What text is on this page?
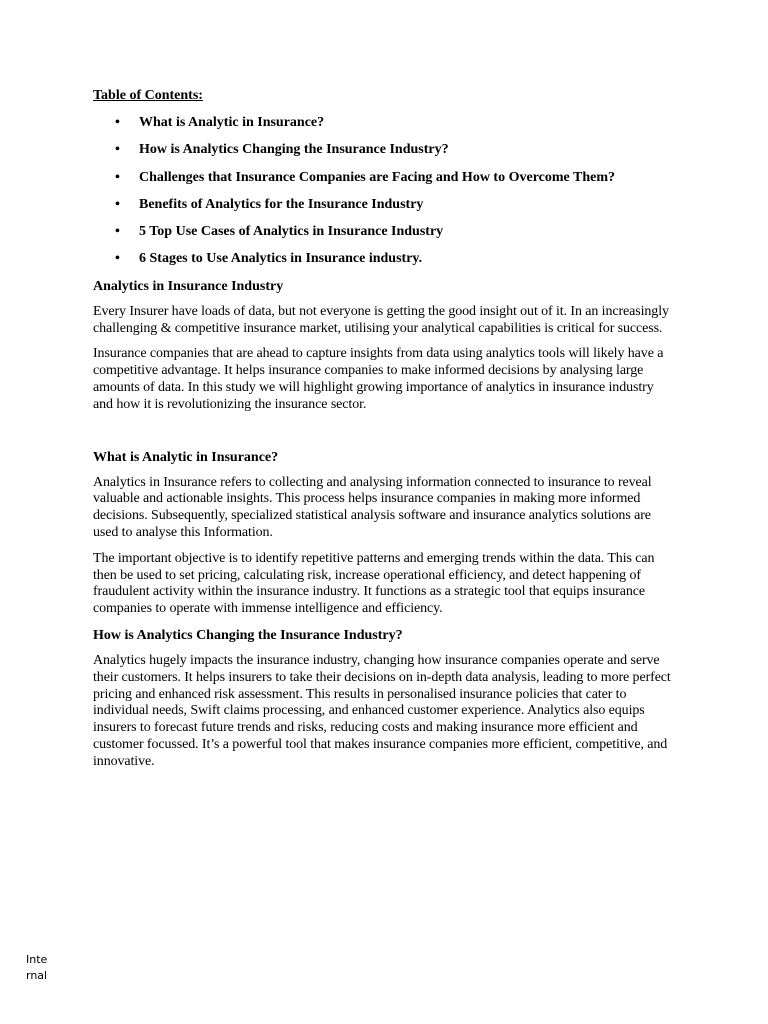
Table of Contents:
• What is Analytic in Insurance?
• How is Analytics Changing the Insurance Industry?
• Challenges that Insurance Companies are Facing and How to Overcome Them?
• Benefits of Analytics for the Insurance Industry
• 5 Top Use Cases of Analytics in Insurance Industry
• 6 Stages to Use Analytics in Insurance industry.
Analytics in Insurance Industry

Every Insurer have loads of data, but not everyone is getting the good insight out of it. In an increasingly challenging & competitive insurance market, utilising your analytical capabilities is critical for success.

Insurance companies that are ahead to capture insights from data using analytics tools will likely have a competitive advantage. It helps insurance companies to make informed decisions by analysing large amounts of data. In this study we will highlight growing importance of analytics in insurance industry and how it is revolutionizing the insurance sector.

What is Analytic in Insurance?

Analytics in Insurance refers to collecting and analysing information connected to insurance to reveal valuable and actionable insights. This process helps insurance companies in making more informed decisions. Subsequently, specialized statistical analysis software and insurance analytics solutions are used to analyse this Information.

The important objective is to identify repetitive patterns and emerging trends within the data. This can then be used to set pricing, calculating risk, increase operational efficiency, and detect happening of fraudulent activity within the insurance industry. It functions as a strategic tool that equips insurance companies to operate with immense intelligence and efficiency.

How is Analytics Changing the Insurance Industry?

Analytics hugely impacts the insurance industry, changing how insurance companies operate and serve their customers. It helps insurers to take their decisions on in-depth data analysis, leading to more perfect pricing and enhanced risk assessment. This results in personalised insurance policies that cater to individual needs, Swift claims processing, and enhanced customer experience. Analytics also equips insurers to forecast future trends and risks, reducing costs and making insurance more efficient and customer focussed. It’s a powerful tool that makes insurance companies more efficient, competitive, and innovative.

Internal
